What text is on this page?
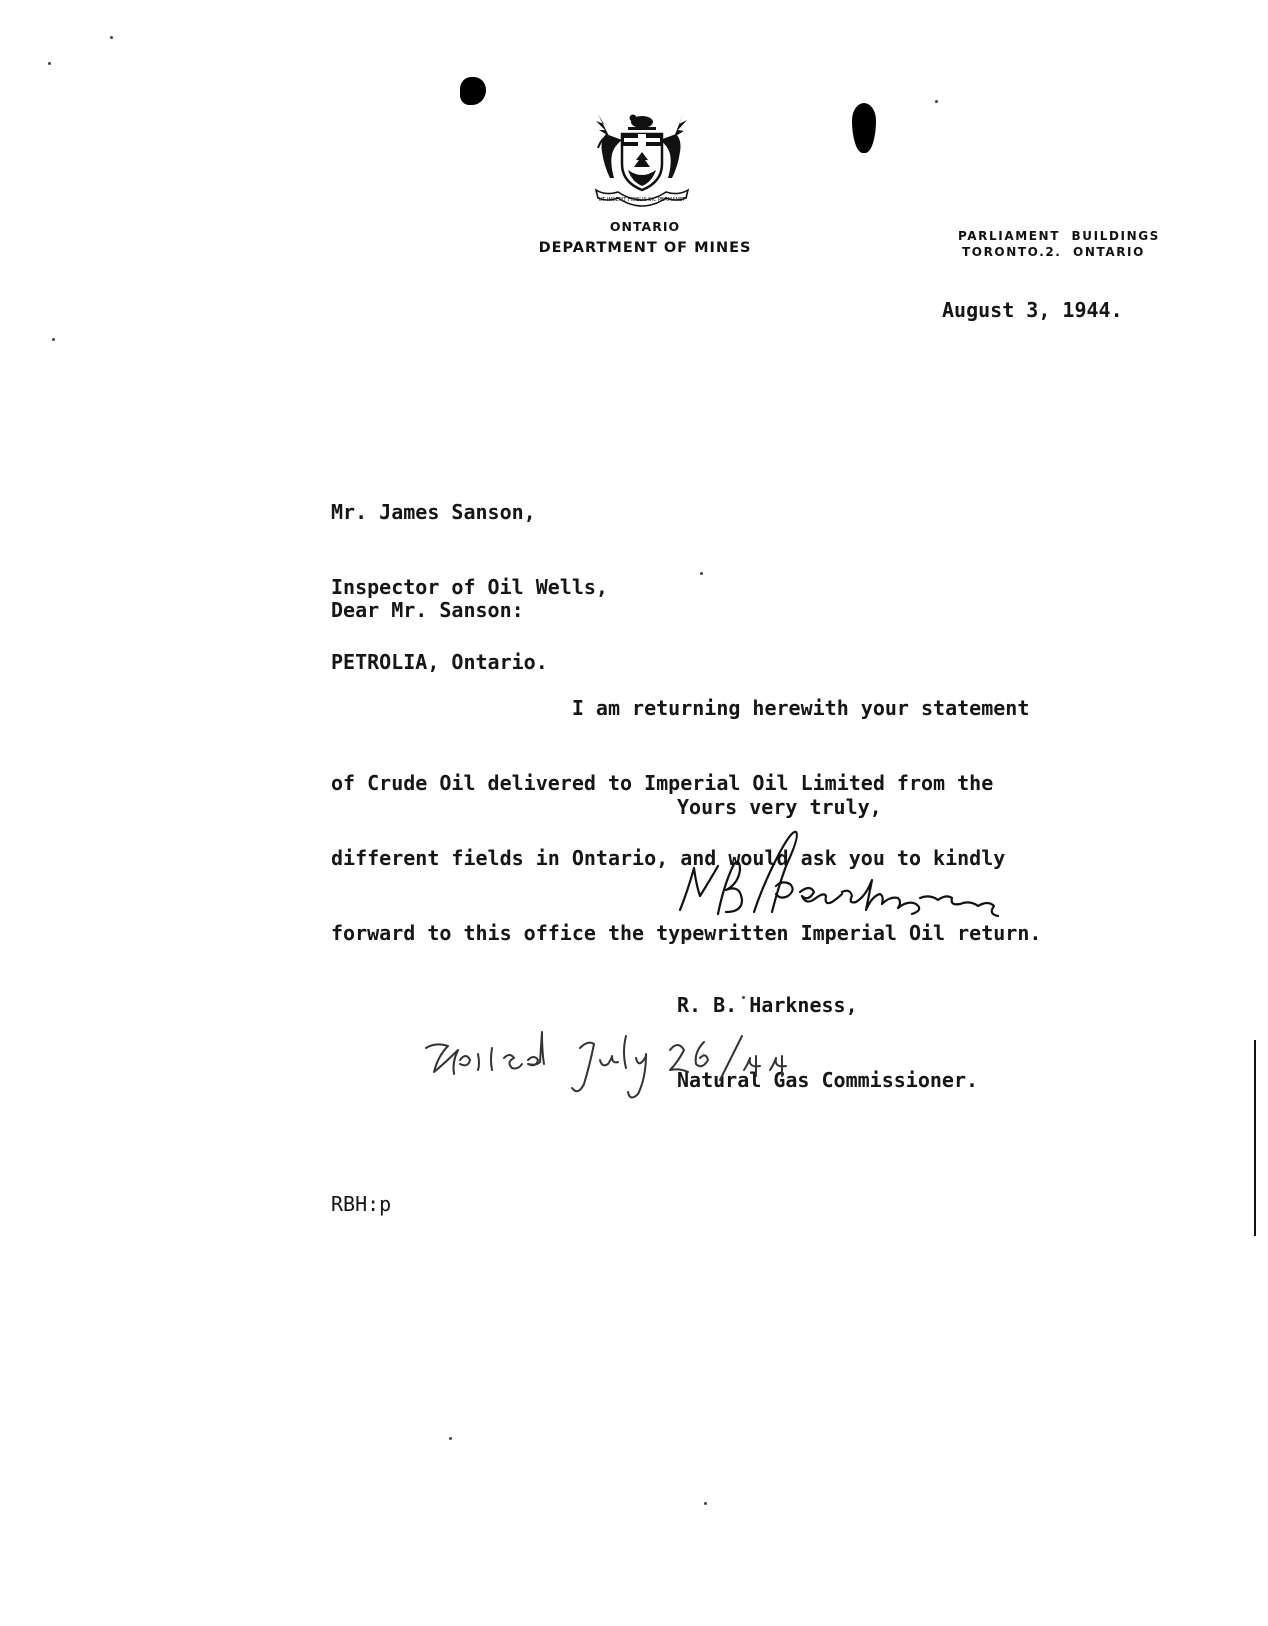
UT INCEPIT FIDELIS SIC PERMANET
ONTARIO
DEPARTMENT OF MINES
PARLIAMENT  BUILDINGS
TORONTO.2.  ONTARIO
August 3, 1944.

Mr. James Sanson,

Inspector of Oil Wells,

PETROLIA, Ontario.

Dear Mr. Sanson:

I am returning herewith your statement

of Crude Oil delivered to Imperial Oil Limited from the

different fields in Ontario, and would ask you to kindly

forward to this office the typewritten Imperial Oil return.

Yours very truly,

R. B. Harkness,

Natural Gas Commissioner.

RBH:p
